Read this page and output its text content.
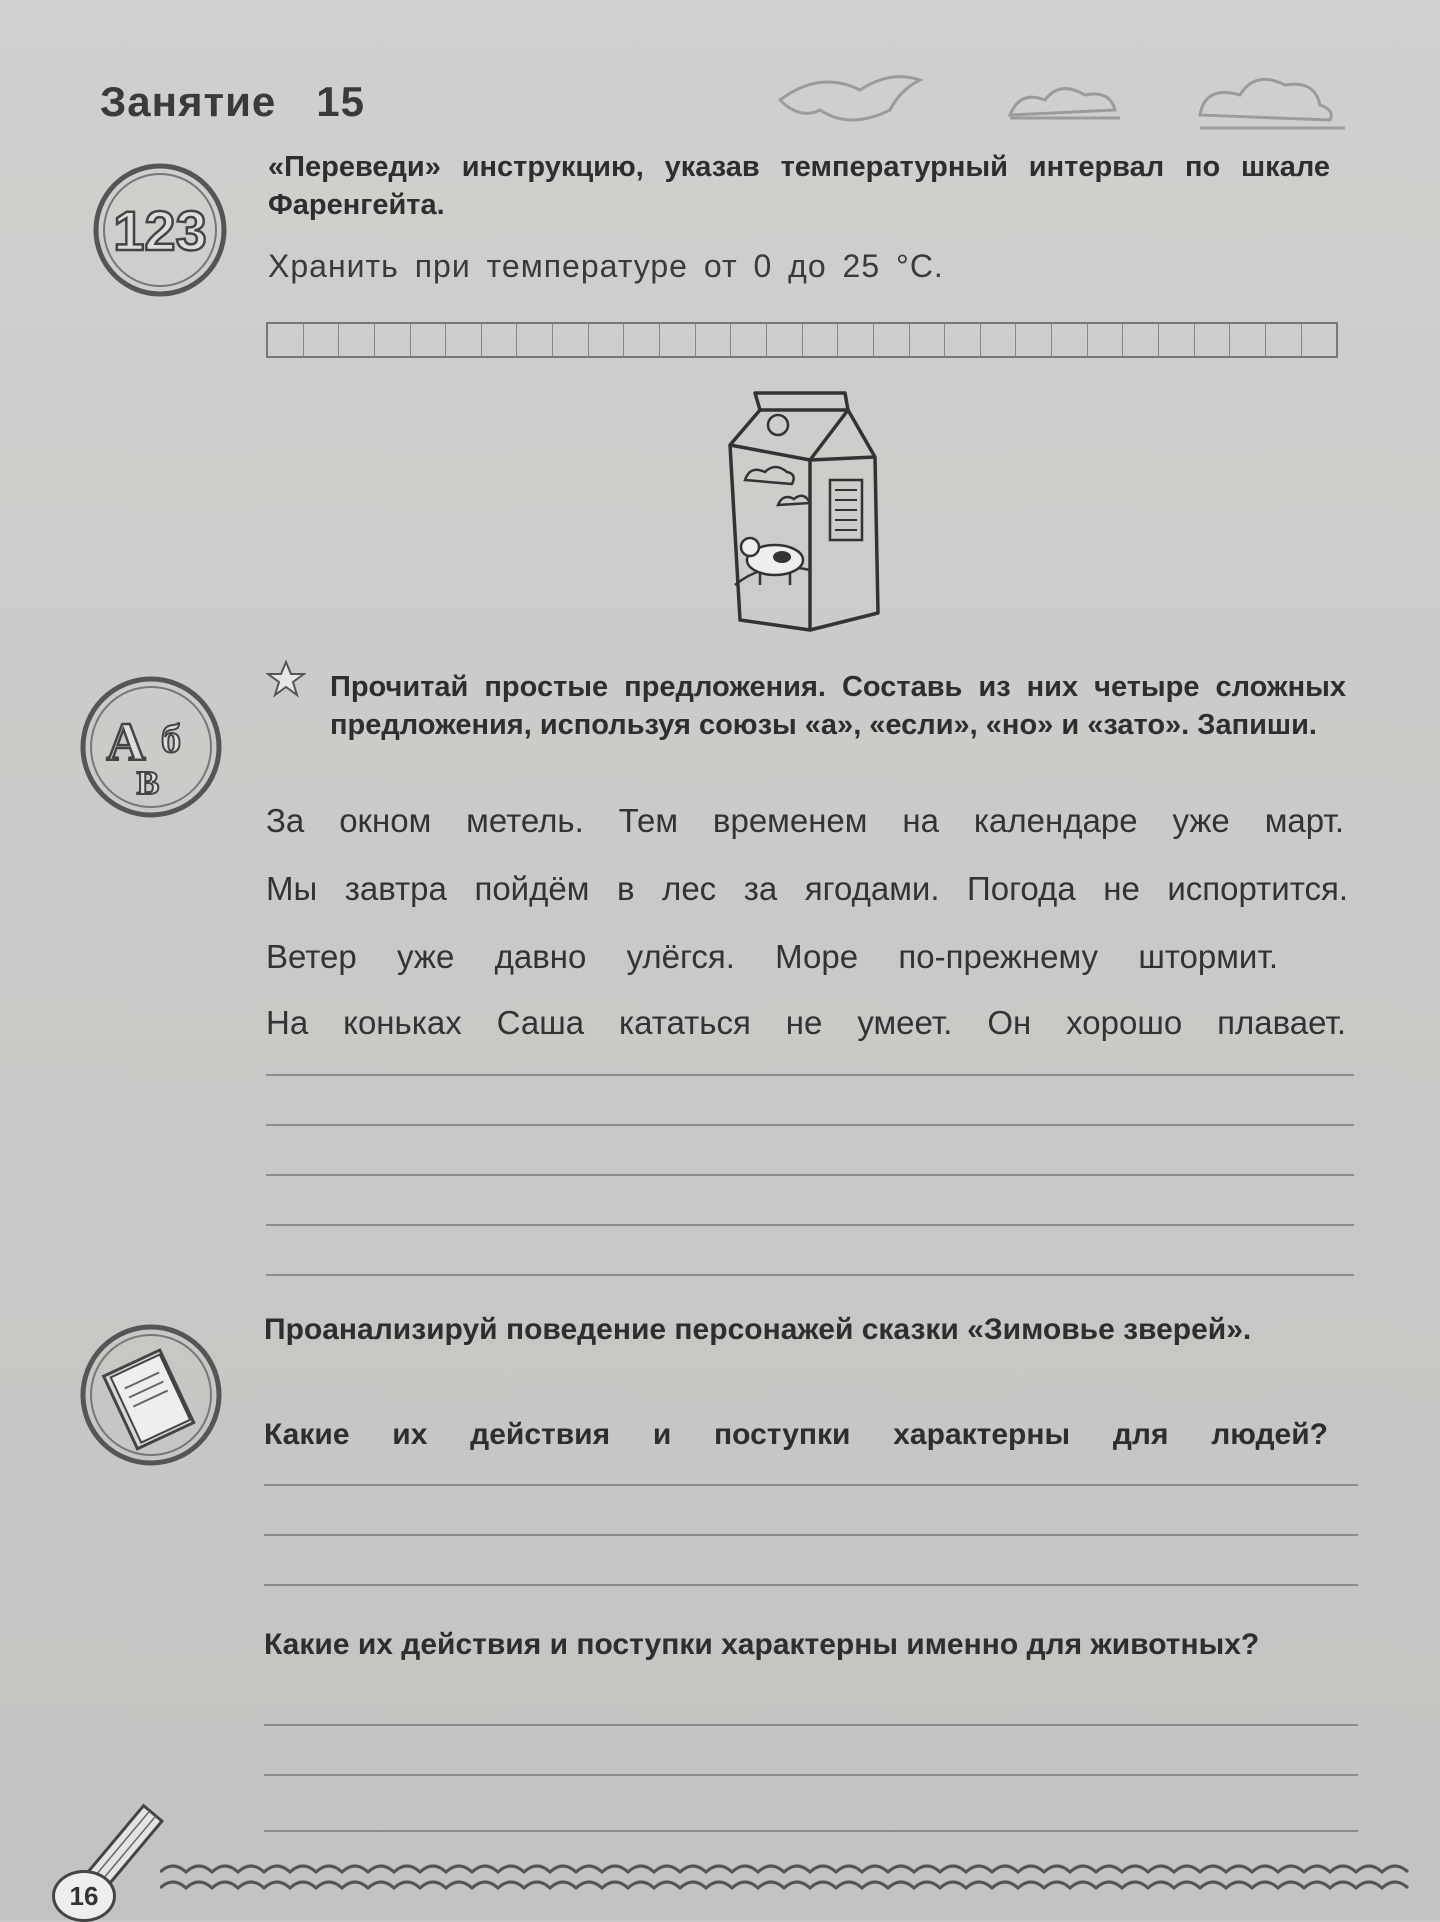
Занятие 15
123
«Переведи» инструкцию, указав температурный интервал по шкале Фаренгейта.
Хранить при температуре от 0 до 25 °C.
А б
В
Прочитай простые предложения. Составь из них четыре сложных предложения, используя союзы «а», «если», «но» и «зато». Запиши.
За окном метель. Тем временем на календаре уже март.
Мы завтра пойдём в лес за ягодами. Погода не испортится.
Ветер уже давно улёгся. Море по-прежнему штормит.
На коньках Саша кататься не умеет. Он хорошо плавает.
Проанализируй поведение персонажей сказки «Зимовье зверей».
Какие их действия и поступки характерны для людей?
Какие их действия и поступки характерны именно для животных?
16
